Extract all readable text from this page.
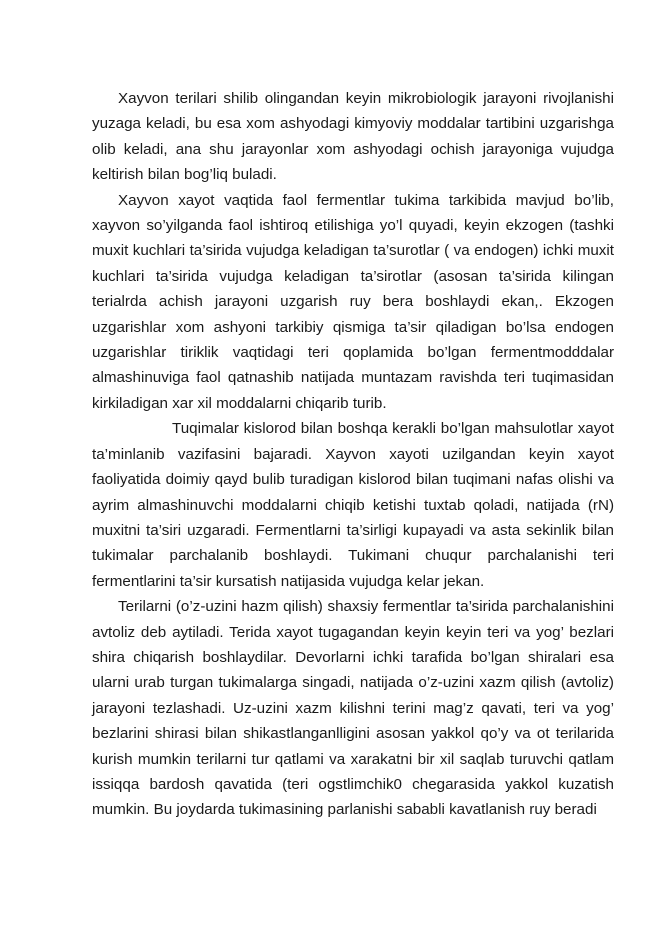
Xayvon terilari shilib olingandan keyin mikrobiologik jarayoni rivojlanishi yuzaga keladi, bu esa xom ashyodagi kimyoviy moddalar tartibini uzgarishga olib keladi, ana shu jarayonlar xom ashyodagi ochish jarayoniga vujudga keltirish bilan bog’liq buladi.

Xayvon xayot vaqtida faol fermentlar tukima tarkibida mavjud bo’lib, xayvon so’yilganda faol ishtiroq etilishiga yo’l quyadi, keyin ekzogen (tashki muxit kuchlari ta’sirida vujudga keladigan ta’surotlar ( va endogen) ichki muxit kuchlari ta’sirida vujudga keladigan ta’sirotlar (asosan ta’sirida kilingan terialrda achish jarayoni uzgarish ruy bera boshlaydi ekan,. Ekzogen uzgarishlar xom ashyoni tarkibiy qismiga ta’sir qiladigan bo’lsa endogen uzgarishlar tiriklik vaqtidagi teri qoplamida bo’lgan fermentmodddalar almashinuviga faol qatnashib natijada muntazam ravishda teri tuqimasidan kirkiladigan xar xil moddalarni chiqarib turib.

Tuqimalar kislorod bilan boshqa kerakli bo’lgan mahsulotlar xayot ta’minlanib vazifasini bajaradi. Xayvon xayoti uzilgandan keyin xayot faoliyatida doimiy qayd bulib turadigan kislorod bilan tuqimani nafas olishi va ayrim almashinuvchi moddalarni chiqib ketishi tuxtab qoladi, natijada (rN) muxitni ta’siri uzgaradi. Fermentlarni ta’sirligi kupayadi va asta sekinlik bilan tukimalar parchalanib boshlaydi. Tukimani chuqur parchalanishi teri fermentlarini ta’sir kursatish natijasida vujudga kelar jekan.

Terilarni (o’z-uzini hazm qilish) shaxsiy fermentlar ta’sirida parchalanishini avtoliz deb aytiladi. Terida xayot tugagandan keyin keyin teri va yog’ bezlari shira chiqarish boshlaydilar. Devorlarni ichki tarafida bo’lgan shiralari esa ularni urab turgan tukimalarga singadi, natijada o’z-uzini xazm qilish (avtoliz) jarayoni tezlashadi. Uz-uzini xazm kilishni terini mag’z qavati, teri va yog’ bezlarini shirasi bilan shikastlanganlligini asosan yakkol qo’y va ot terilarida kurish mumkin terilarni tur qatlami va xarakatni bir xil saqlab turuvchi qatlam issiqqa bardosh qavatida (teri ogstlimchik0 chegarasida yakkol kuzatish mumkin. Bu joydarda tukimasining parlanishi sababli kavatlanish ruy beradi
